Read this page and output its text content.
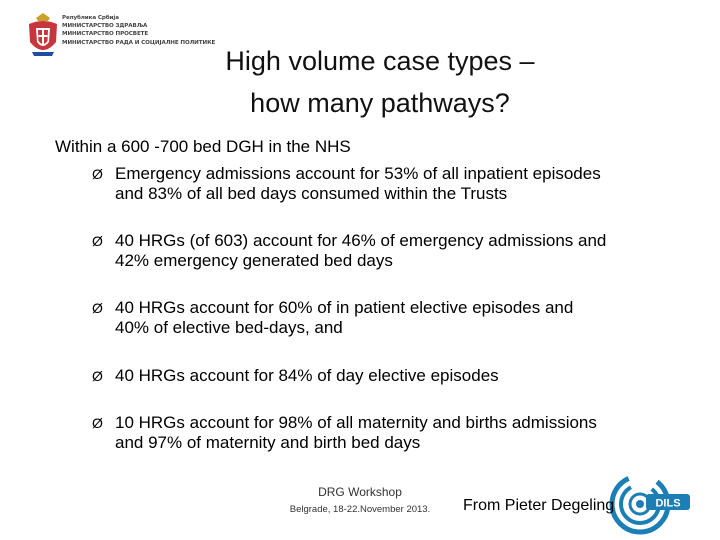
Република Србија
МИНИСТАРСТВО ЗДРАВЉА
МИНИСТАРСТВО ПРОСВЕТЕ
МИНИСТАРСТВО РАДА И СОЦИЈАЛНЕ ПОЛИТИКЕ
High volume case types –
how many pathways?
Within a 600 -700 bed DGH in the NHS
Ø Emergency admissions account for 53% of all inpatient episodes
and 83% of all bed days consumed within the Trusts
Ø 40 HRGs (of 603) account for 46% of emergency admissions and
42% emergency generated bed days
Ø 40 HRGs account for 60% of in patient elective episodes and
40% of elective bed-days, and
Ø 40 HRGs account for 84% of day elective episodes
Ø 10 HRGs account for 98% of all maternity and births admissions
and 97% of maternity and birth bed days
DRG Workshop
Belgrade, 18-22.November 2013.	From Pieter Degeling	DILS
